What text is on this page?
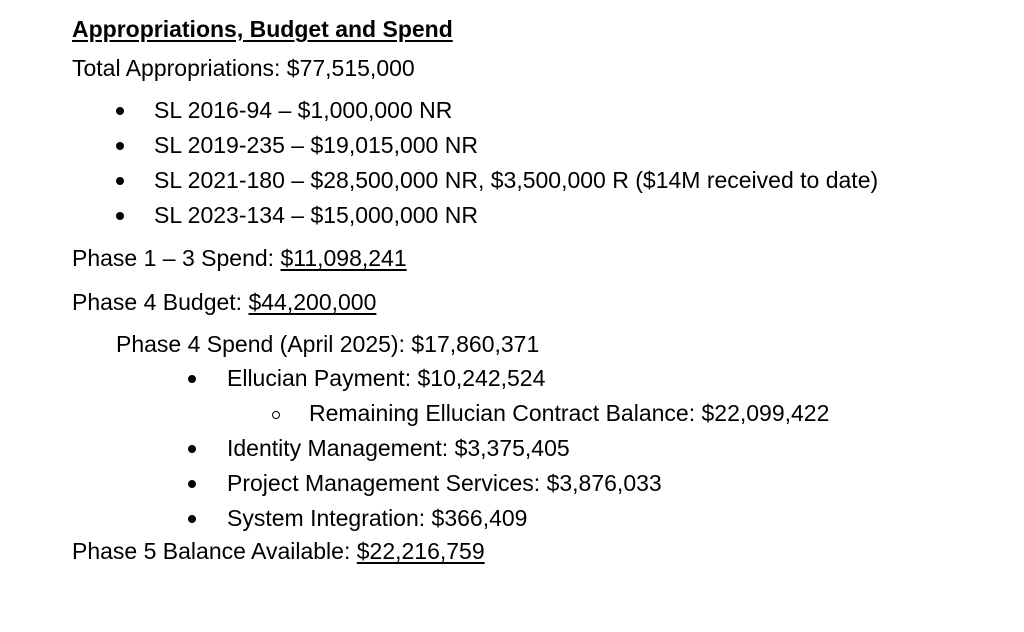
Appropriations, Budget and Spend
Total Appropriations: $77,515,000
SL 2016-94 – $1,000,000 NR
SL 2019-235 – $19,015,000 NR
SL 2021-180 – $28,500,000 NR, $3,500,000 R ($14M received to date)
SL 2023-134 – $15,000,000 NR
Phase 1 – 3 Spend: $11,098,241
Phase 4 Budget: $44,200,000
Phase 4 Spend (April 2025): $17,860,371
Ellucian Payment: $10,242,524
Remaining Ellucian Contract Balance: $22,099,422
Identity Management: $3,375,405
Project Management Services: $3,876,033
System Integration: $366,409
Phase 5 Balance Available: $22,216,759
